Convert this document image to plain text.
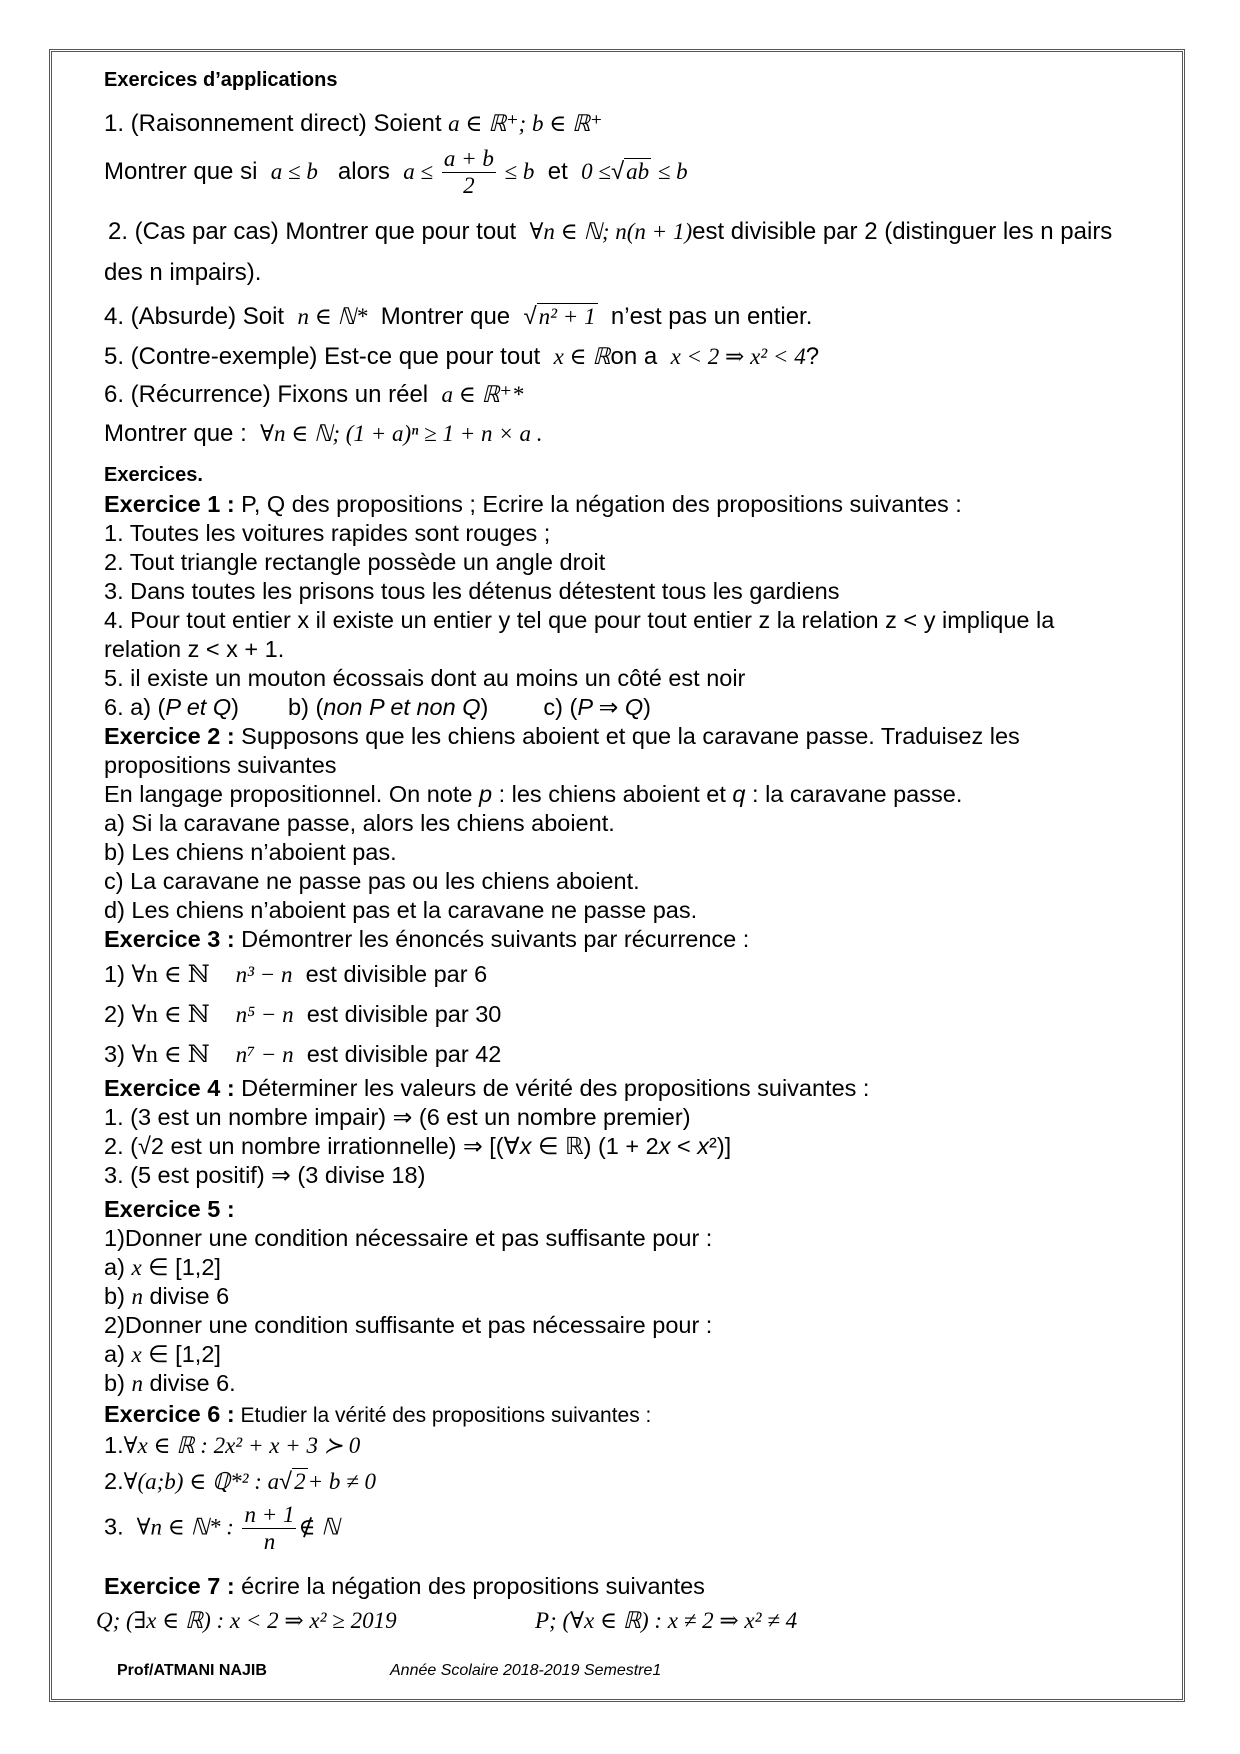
Exercices d’applications
1. (Raisonnement direct) Soient a ∈ ℝ⁺; b ∈ ℝ⁺
Montrer que si a ≤ b alors $a \le \frac{a + b}{2} \le b$ et 0 ≤√ab ≤ b
2. (Cas par cas) Montrer que pour tout ∀n ∈ ℕ; n(n + 1)est divisible par 2 (distinguer les n pairs
des n impairs).
4. (Absurde) Soit n ∈ ℕ* Montrer que  √n² + 1 n’est pas un entier.
5. (Contre-exemple) Est-ce que pour tout x ∈ ℝon a x < 2 ⇒ x² < 4?
6. (Récurrence) Fixons un réel a ∈ ℝ⁺*
Montrer que : ∀n ∈ ℕ; (1 + a)ⁿ ≥ 1 + n × a .
Exercices.
Exercice 1 : P, Q des propositions ; Ecrire la négation des propositions suivantes :
1. Toutes les voitures rapides sont rouges ;
2. Tout triangle rectangle possède un angle droit
3. Dans toutes les prisons tous les détenus détestent tous les gardiens
4. Pour tout entier x il existe un entier y tel que pour tout entier z la relation z < y implique la
relation z < x + 1.
5. il existe un mouton écossais dont au moins un côté est noir
6. a) (P et Q) b) (non P et non Q) c) (P ⇒ Q)
Exercice 2 : Supposons que les chiens aboient et que la caravane passe. Traduisez les
propositions suivantes
En langage propositionnel. On note p : les chiens aboient et q : la caravane passe.
a) Si la caravane passe, alors les chiens aboient.
b) Les chiens n’aboient pas.
c) La caravane ne passe pas ou les chiens aboient.
d) Les chiens n’aboient pas et la caravane ne passe pas.
Exercice 3 : Démontrer les énoncés suivants par récurrence :
1) ∀n ∈ ℕ n³ − n est divisible par 6
2) ∀n ∈ ℕ n⁵ − n est divisible par 30
3) ∀n ∈ ℕ n⁷ − n est divisible par 42
Exercice 4 : Déterminer les valeurs de vérité des propositions suivantes :
1. (3 est un nombre impair) ⇒ (6 est un nombre premier)
2. (√2 est un nombre irrationnelle) ⇒ [(∀x ∈ ℝ) (1 + 2x < x²)]
3. (5 est positif) ⇒ (3 divise 18)
Exercice 5 :
1)Donner une condition nécessaire et pas suffisante pour :
a) x ∈ [1,2]
b) n divise 6
2)Donner une condition suffisante et pas nécessaire pour :
a) x ∈ [1,2]
b) n divise 6.
Exercice 6 : Etudier la vérité des propositions suivantes :
1.∀x ∈ ℝ : 2x² + x + 3 ≻ 0
2.∀(a;b) ∈ ℚ*² : a√2+ b ≠ 0
3. ∀n ∈ ℕ* : $\frac{n + 1}{n}$ ∉ ℕ
Exercice 7 : écrire la négation des propositions suivantes
Q; (∃x ∈ ℝ) : x < 2 ⇒ x² ≥ 2019	P; (∀x ∈ ℝ) : x ≠ 2 ⇒ x² ≠ 4
Prof/ATMANI NAJIB	Année Scolaire 2018-2019 Semestre1
